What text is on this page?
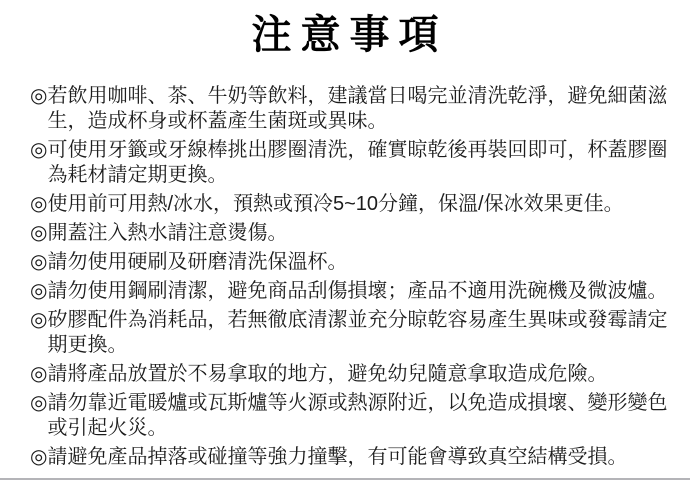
注意事項
◎ 若飲用咖啡、茶、牛奶等飲料，建議當日喝完並清洗乾淨，避免細菌滋
生，造成杯身或杯蓋產生菌斑或異味。
◎ 可使用牙籤或牙線棒挑出膠圈清洗，確實晾乾後再裝回即可，杯蓋膠圈
為耗材請定期更換。
◎ 使用前可用熱/冰水，預熱或預冷5~10分鐘，保溫/保冰效果更佳。
◎ 開蓋注入熱水請注意燙傷。
◎ 請勿使用硬刷及研磨清洗保溫杯。
◎ 請勿使用鋼刷清潔，避免商品刮傷損壞；產品不適用洗碗機及微波爐。
◎ 矽膠配件為消耗品，若無徹底清潔並充分晾乾容易產生異味或發霉請定
期更換。
◎ 請將產品放置於不易拿取的地方，避免幼兒隨意拿取造成危險。
◎ 請勿靠近電暖爐或瓦斯爐等火源或熱源附近，以免造成損壞、變形變色
或引起火災。
◎ 請避免產品掉落或碰撞等強力撞擊，有可能會導致真空結構受損。
